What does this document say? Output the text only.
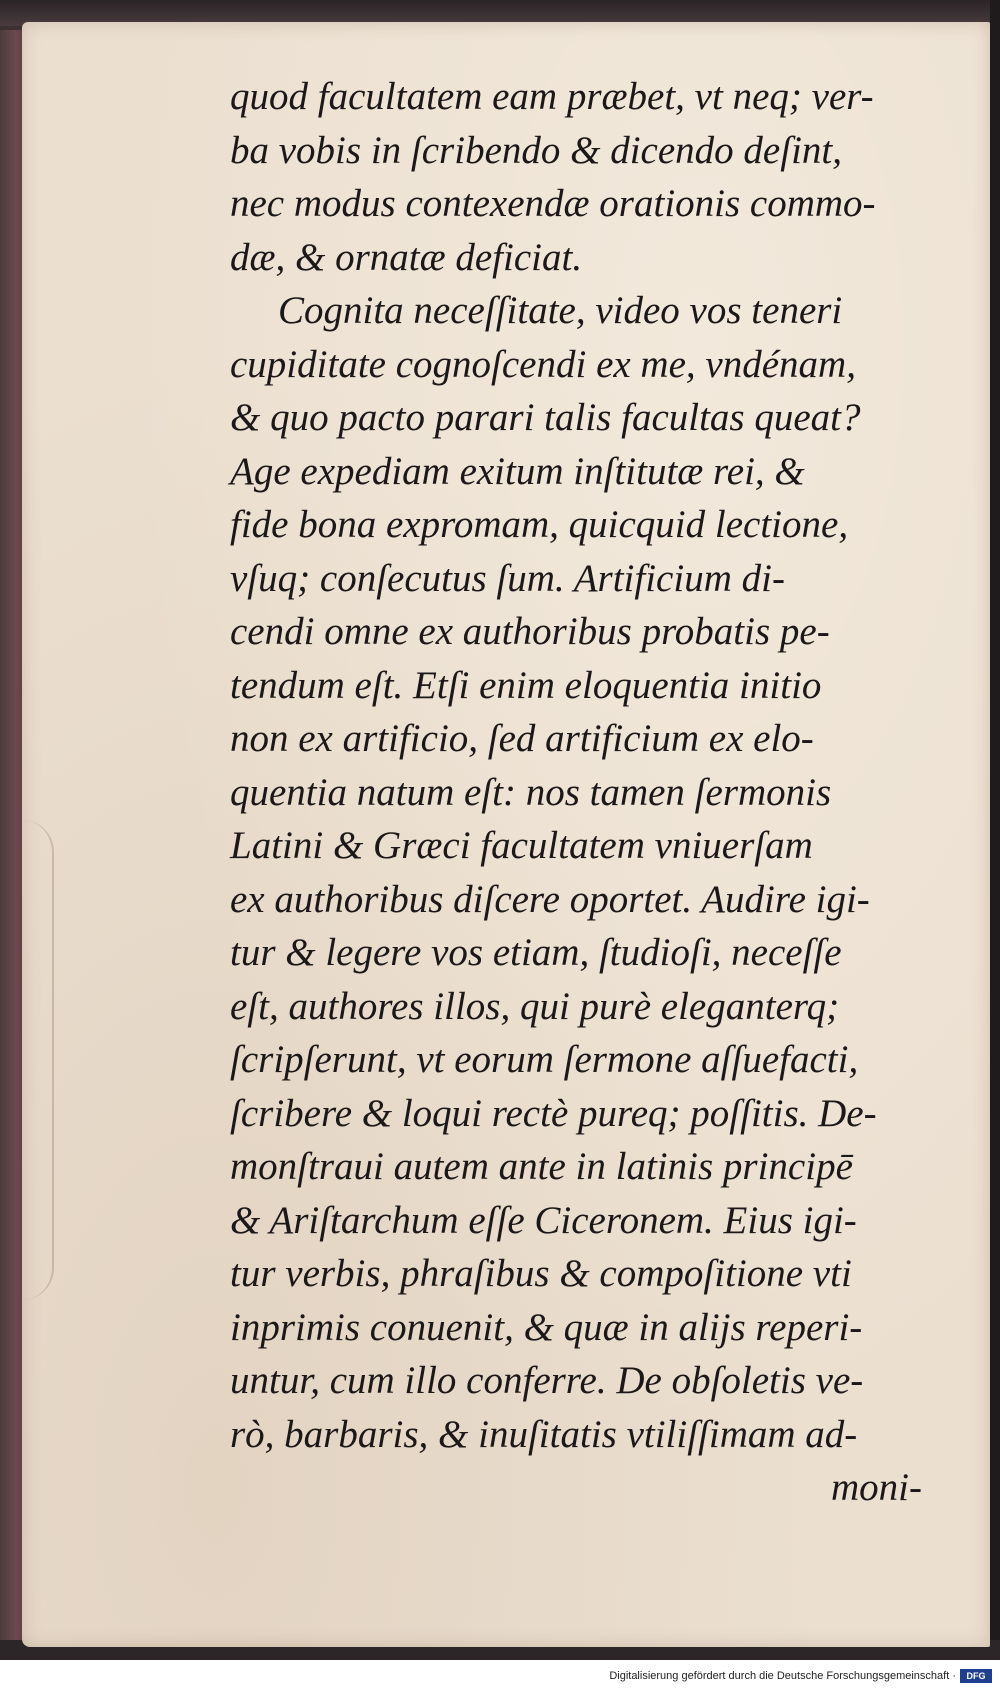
quod facultatem eam præbet, vt neq; ver-
ba vobis in ſcribendo & dicendo deſint,
nec modus contexendæ orationis commo-
dæ, & ornatæ deficiat.
Cognita neceſſitate, video vos teneri
cupiditate cognoſcendi ex me, vndénam,
& quo pacto parari talis facultas queat?
Age expediam exitum inſtitutæ rei, &
fide bona expromam, quicquid lectione,
vſuq; conſecutus ſum. Artificium di-
cendi omne ex authoribus probatis pe-
tendum eſt. Etſi enim eloquentia initio
non ex artificio, ſed artificium ex elo-
quentia natum eſt: nos tamen ſermonis
Latini & Græci facultatem vniuerſam
ex authoribus diſcere oportet. Audire igi-
tur & legere vos etiam, ſtudioſi, neceſſe
eſt, authores illos, qui purè eleganterq;
ſcripſerunt, vt eorum ſermone aſſuefacti,
ſcribere & loqui rectè pureq; poſſitis. De-
monſtraui autem ante in latinis principē
& Ariſtarchum eſſe Ciceronem. Eius igi-
tur verbis, phraſibus & compoſitione vti
inprimis conuenit, & quæ in alijs reperi-
untur, cum illo conferre. De obſoletis ve-
rò, barbaris, & inuſitatis vtiliſſimam ad-
moni-
Digitalisierung gefördert durch die Deutsche Forschungsgemeinschaft ·	DFG
